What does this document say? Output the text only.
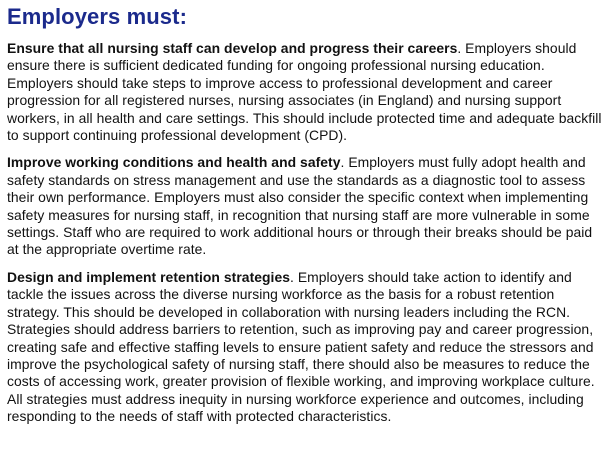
Employers must:

Ensure that all nursing staff can develop and progress their careers. Employers should ensure there is sufficient dedicated funding for ongoing professional nursing education. Employers should take steps to improve access to professional development and career progression for all registered nurses, nursing associates (in England) and nursing support workers, in all health and care settings. This should include protected time and adequate backfill to support continuing professional development (CPD).

Improve working conditions and health and safety. Employers must fully adopt health and safety standards on stress management and use the standards as a diagnostic tool to assess their own performance. Employers must also consider the specific context when implementing safety measures for nursing staff, in recognition that nursing staff are more vulnerable in some settings. Staff who are required to work additional hours or through their breaks should be paid at the appropriate overtime rate.

Design and implement retention strategies. Employers should take action to identify and tackle the issues across the diverse nursing workforce as the basis for a robust retention strategy. This should be developed in collaboration with nursing leaders including the RCN. Strategies should address barriers to retention, such as improving pay and career progression, creating safe and effective staffing levels to ensure patient safety and reduce the stressors and improve the psychological safety of nursing staff, there should also be measures to reduce the costs of accessing work, greater provision of flexible working, and improving workplace culture. All strategies must address inequity in nursing workforce experience and outcomes, including responding to the needs of staff with protected characteristics.
